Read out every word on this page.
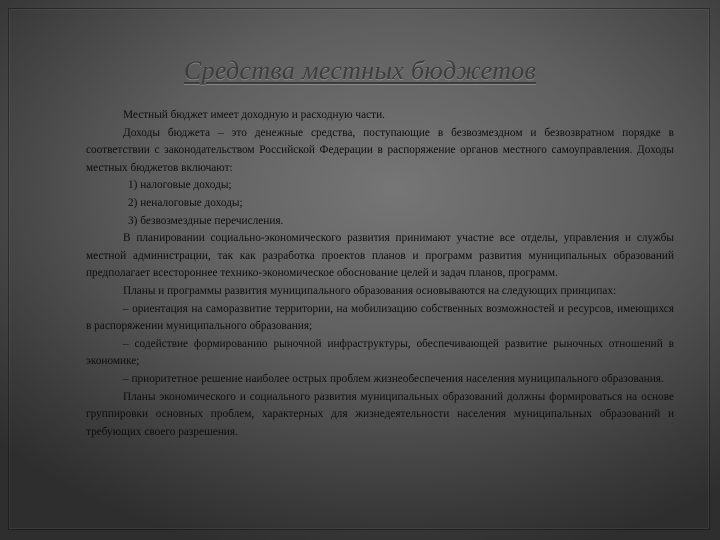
Средства местных бюджетов

Местный бюджет имеет доходную и расходную части.

Доходы бюджета – это денежные средства, поступающие в безвозмездном и безвозвратном порядке в соответствии с законодательством Российской Федерации в распоряжение органов местного самоуправления. Доходы местных бюджетов включают:

1) налоговые доходы;

2) неналоговые доходы;

3) безвозмездные перечисления.

В планировании социально-экономического развития принимают участие все отделы, управления и службы местной администрации, так как разработка проектов планов и программ развития муниципальных образований предполагает всестороннее технико-экономическое обоснование целей и задач планов, программ.

Планы и программы развития муниципального образования основываются на следующих принципах:

– ориентация на саморазвитие территории, на мобилизацию собственных возможностей и ресурсов, имеющихся в распоряжении муниципального образования;

– содействие формированию рыночной инфраструктуры, обеспечивающей развитие рыночных отношений в экономике;

– приоритетное решение наиболее острых проблем жизнеобеспечения населения муниципального образования.

Планы экономического и социального развития муниципальных образований должны формироваться на основе группировки основных проблем, характерных для жизнедеятельности населения муниципальных образований и требующих своего разрешения.
